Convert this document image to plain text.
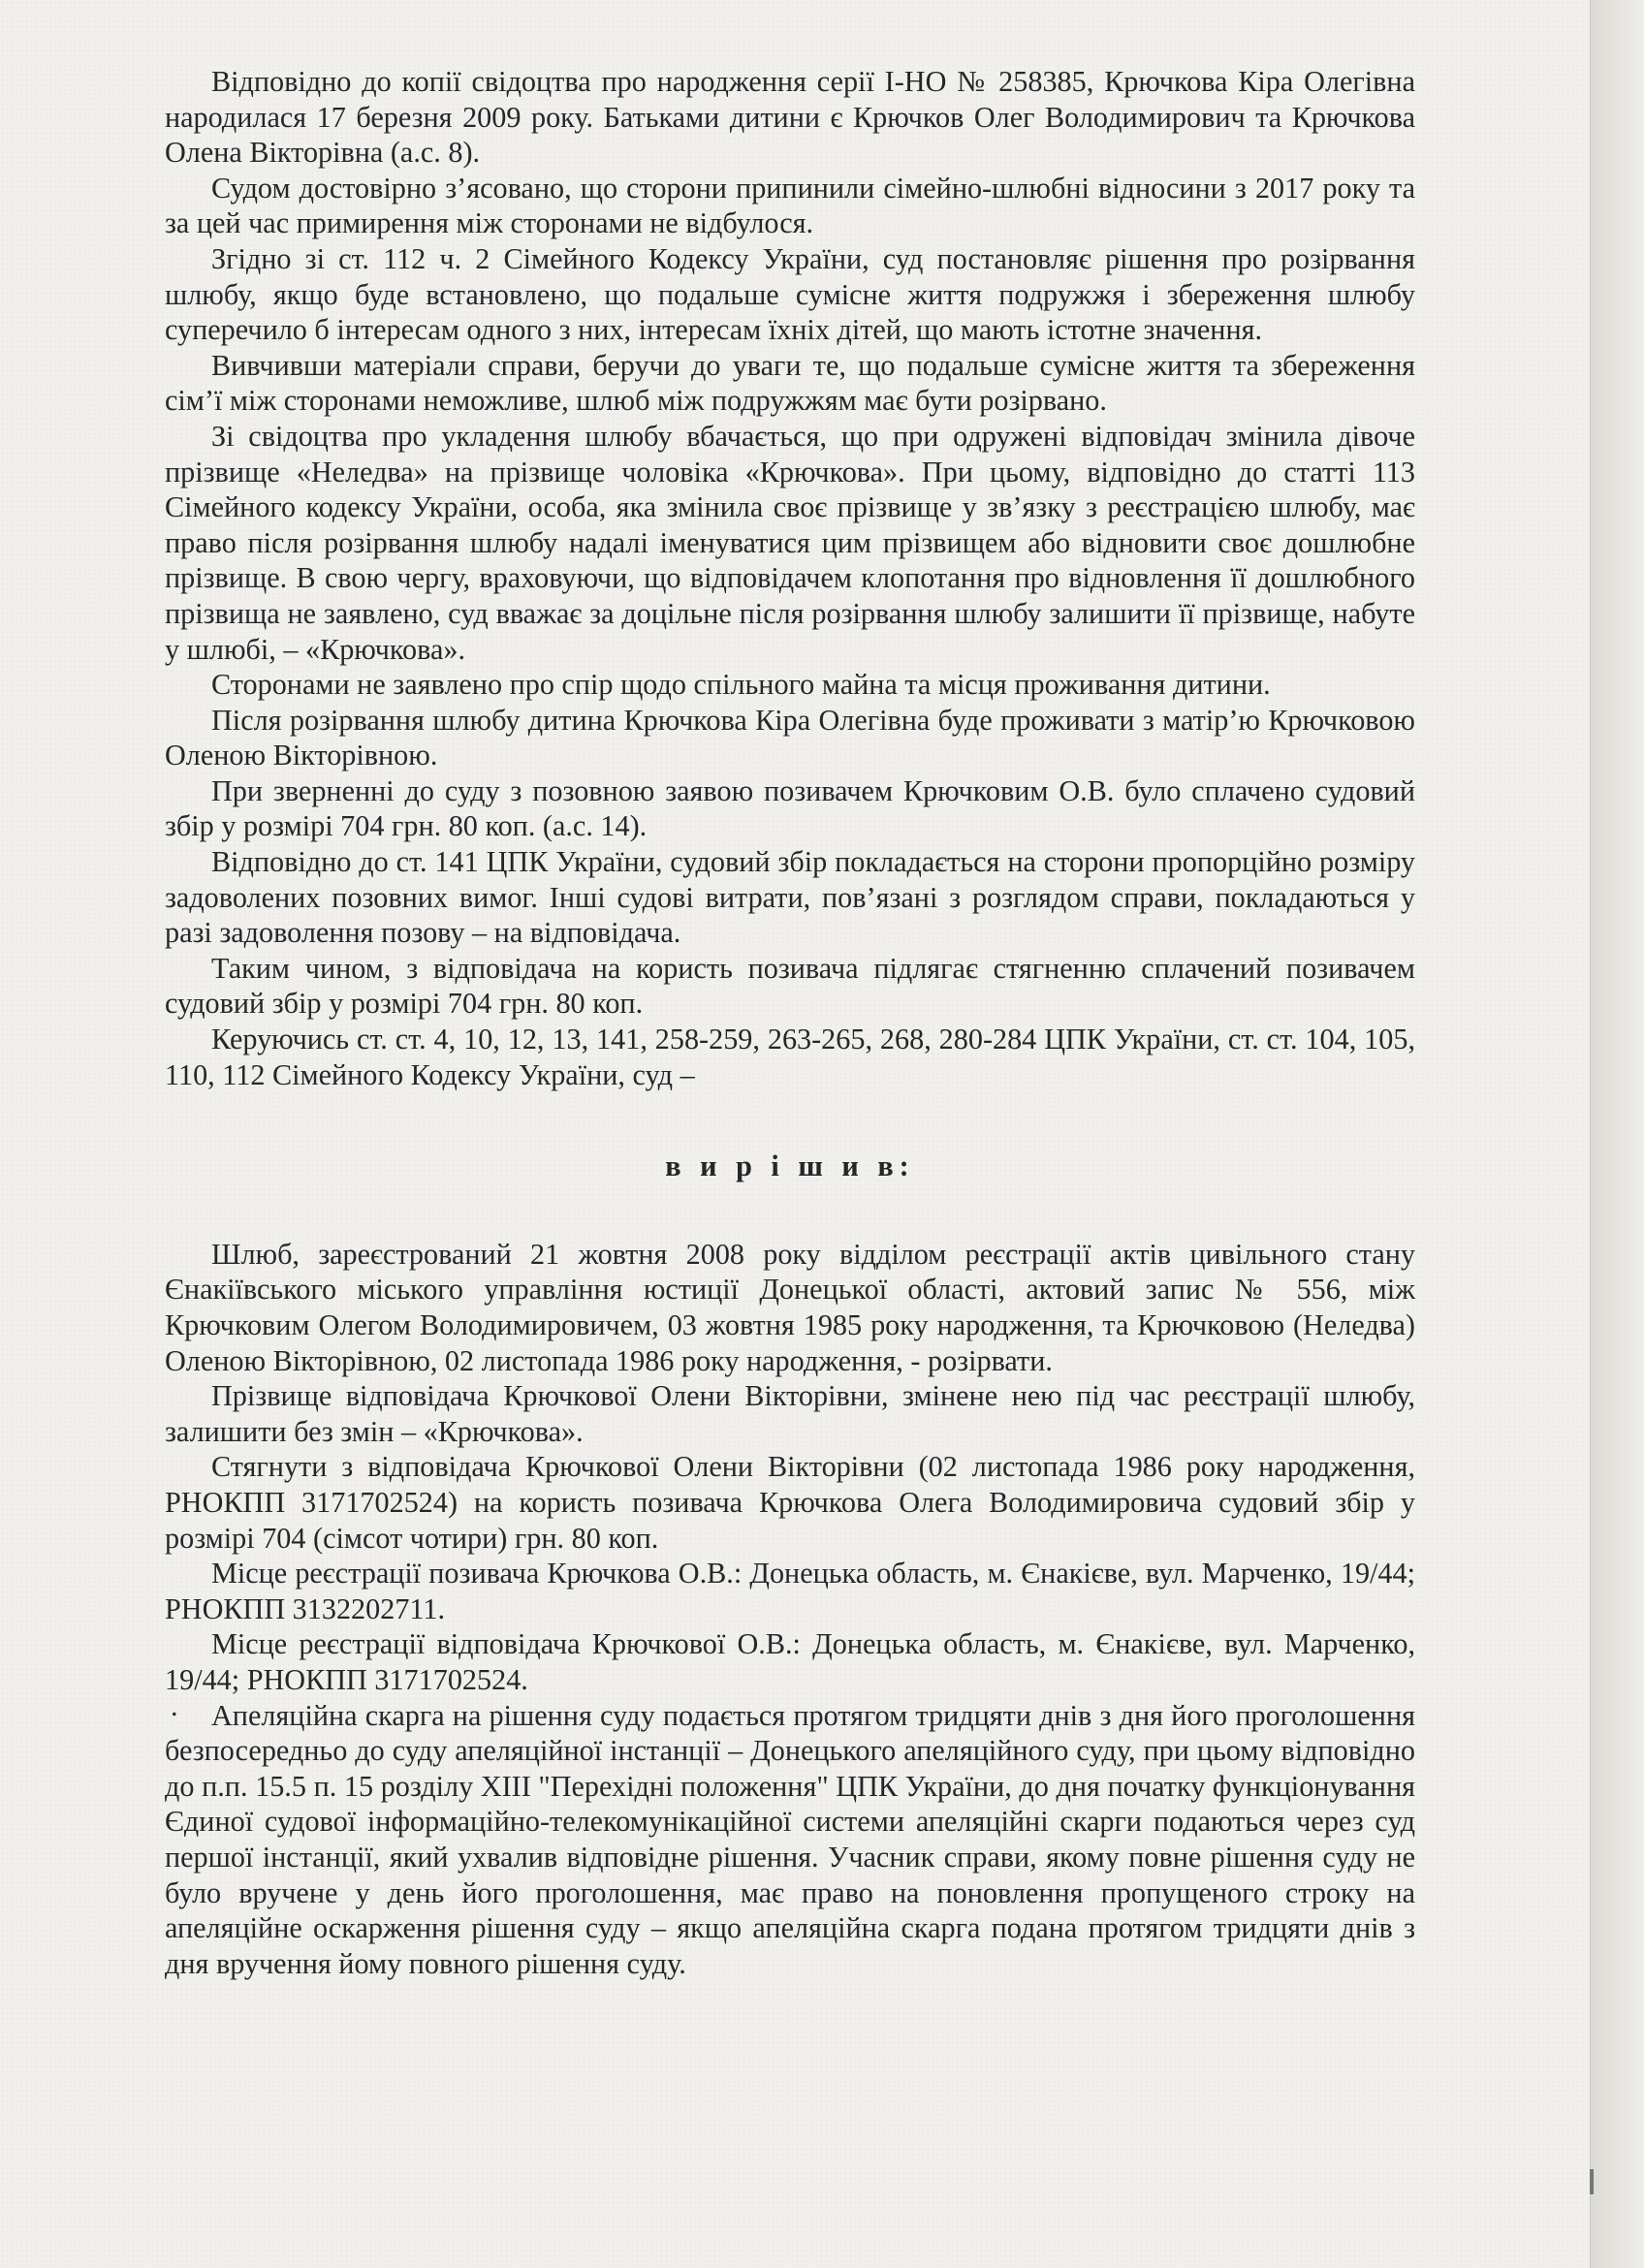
Відповідно до копії свідоцтва про народження серії І-НО № 258385, Крючкова Кіра Олегівна народилася 17 березня 2009 року. Батьками дитини є Крючков Олег Володимирович та Крючкова Олена Вікторівна (а.с. 8).

Судом достовірно з’ясовано, що сторони припинили сімейно-шлюбні відносини з 2017 року та за цей час примирення між сторонами не відбулося.

Згідно зі ст. 112 ч. 2 Сімейного Кодексу України, суд постановляє рішення про розірвання шлюбу, якщо буде встановлено, що подальше сумісне життя подружжя і збереження шлюбу суперечило б інтересам одного з них, інтересам їхніх дітей, що мають істотне значення.

Вивчивши матеріали справи, беручи до уваги те, що подальше сумісне життя та збереження сім’ї між сторонами неможливе, шлюб між подружжям має бути розірвано.

Зі свідоцтва про укладення шлюбу вбачається, що при одружені відповідач змінила дівоче прізвище «Неледва» на прізвище чоловіка «Крючкова». При цьому, відповідно до статті 113 Сімейного кодексу України, особа, яка змінила своє прізвище у зв’язку з реєстрацією шлюбу, має право після розірвання шлюбу надалі іменуватися цим прізвищем або відновити своє дошлюбне прізвище. В свою чергу, враховуючи, що відповідачем клопотання про відновлення її дошлюбного прізвища не заявлено, суд вважає за доцільне після розірвання шлюбу залишити її прізвище, набуте у шлюбі, – «Крючкова».

Сторонами не заявлено про спір щодо спільного майна та місця проживання дитини.

Після розірвання шлюбу дитина Крючкова Кіра Олегівна буде проживати з матір’ю Крючковою Оленою Вікторівною.

При зверненні до суду з позовною заявою позивачем Крючковим О.В. було сплачено судовий збір у розмірі 704 грн. 80 коп. (а.с. 14).

Відповідно до ст. 141 ЦПК України, судовий збір покладається на сторони пропорційно розміру задоволених позовних вимог. Інші судові витрати, пов’язані з розглядом справи, покладаються у разі задоволення позову – на відповідача.

Таким чином, з відповідача на користь позивача підлягає стягненню сплачений позивачем судовий збір у розмірі 704 грн. 80 коп.

Керуючись ст. ст. 4, 10, 12, 13, 141, 258-259, 263-265, 268, 280-284 ЦПК України, ст. ст. 104, 105, 110, 112 Сімейного Кодексу України, суд –

в и р і ш и в:

Шлюб, зареєстрований 21 жовтня 2008 року відділом реєстрації актів цивільного стану Єнакіївського міського управління юстиції Донецької області, актовий запис № 556, між Крючковим Олегом Володимировичем, 03 жовтня 1985 року народження, та Крючковою (Неледва) Оленою Вікторівною, 02 листопада 1986 року народження, - розірвати.

Прізвище відповідача Крючкової Олени Вікторівни, змінене нею під час реєстрації шлюбу, залишити без змін – «Крючкова».

Стягнути з відповідача Крючкової Олени Вікторівни (02 листопада 1986 року народження, РНОКПП 3171702524) на користь позивача Крючкова Олега Володимировича судовий збір у розмірі 704 (сімсот чотири) грн. 80 коп.

Місце реєстрації позивача Крючкова О.В.: Донецька область, м. Єнакієве, вул. Марченко, 19/44; РНОКПП 3132202711.

Місце реєстрації відповідача Крючкової О.В.: Донецька область, м. Єнакієве, вул. Марченко, 19/44; РНОКПП 3171702524.

Апеляційна скарга на рішення суду подається протягом тридцяти днів з дня його проголошення безпосередньо до суду апеляційної інстанції – Донецького апеляційного суду, при цьому відповідно до п.п. 15.5 п. 15 розділу XIII "Перехідні положення" ЦПК України, до дня початку функціонування Єдиної судової інформаційно-телекомунікаційної системи апеляційні скарги подаються через суд першої інстанції, який ухвалив відповідне рішення. Учасник справи, якому повне рішення суду не було вручене у день його проголошення, має право на поновлення пропущеного строку на апеляційне оскарження рішення суду – якщо апеляційна скарга подана протягом тридцяти днів з дня вручення йому повного рішення суду.

.
